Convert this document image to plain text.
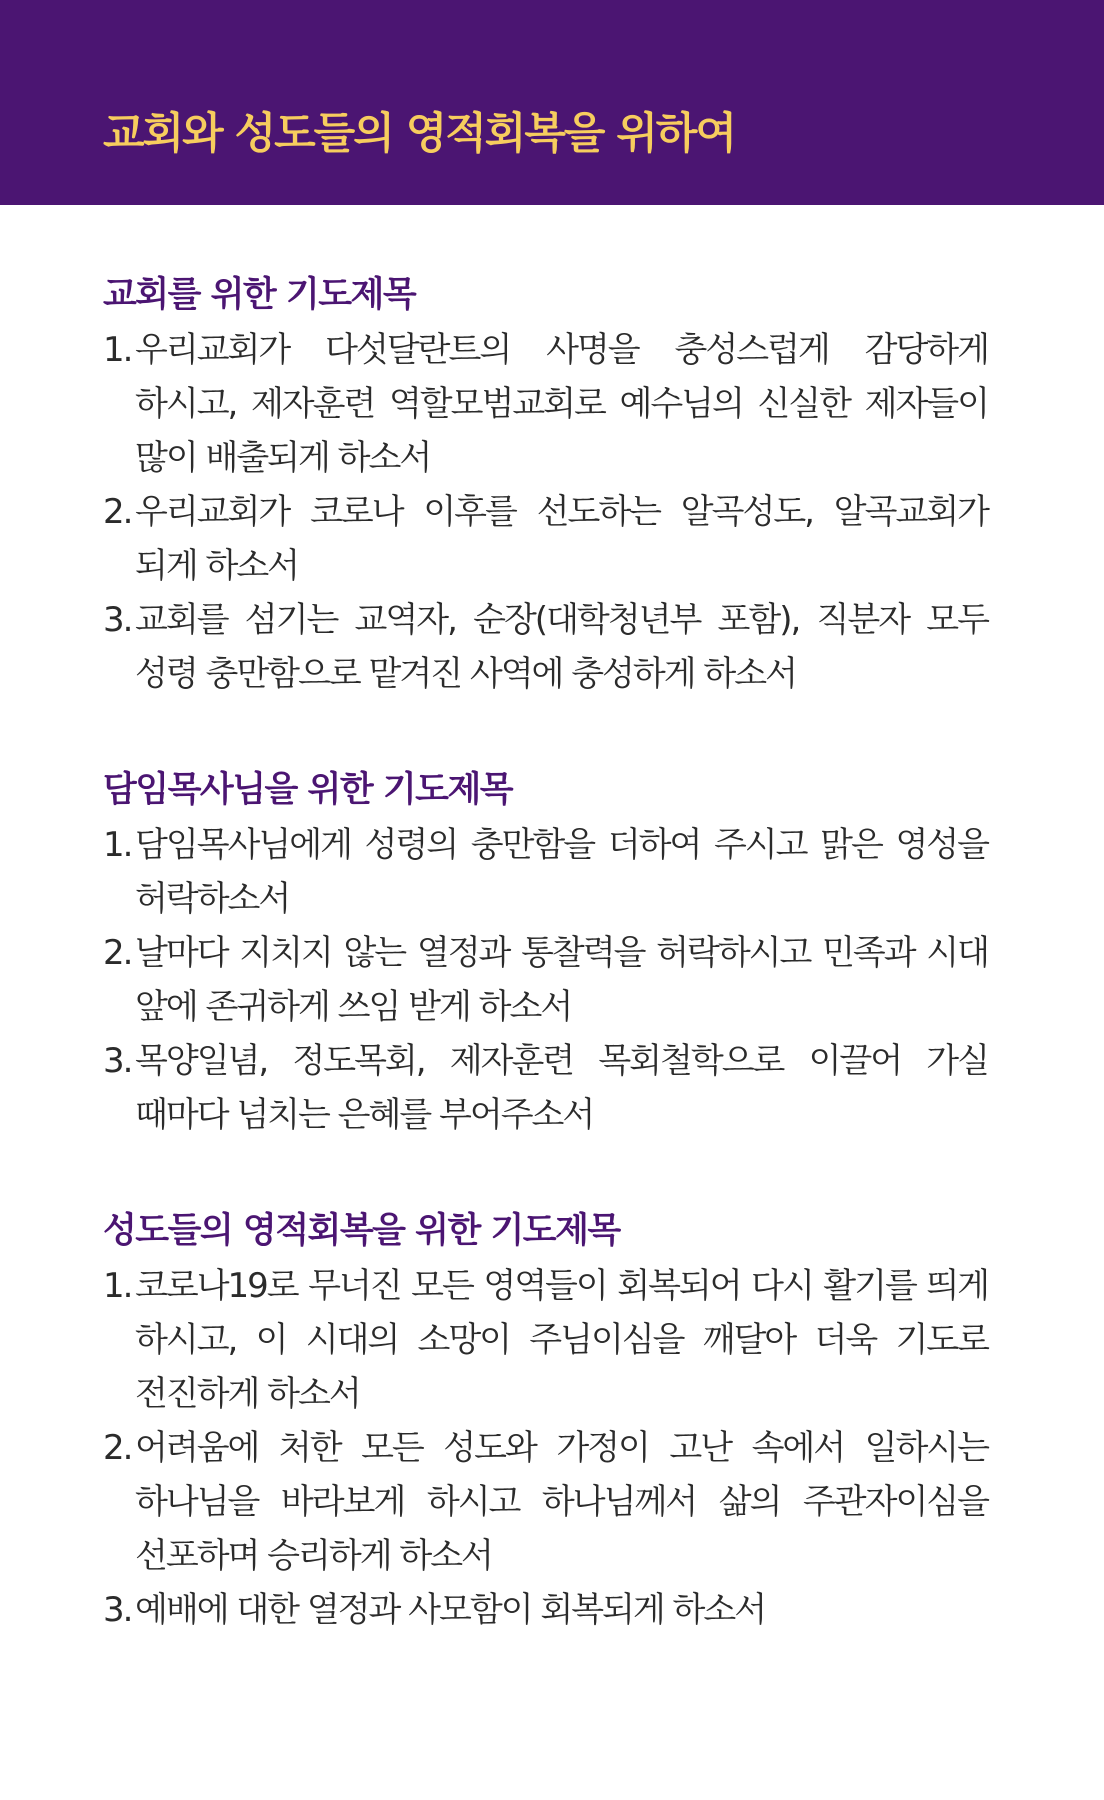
교회와 성도들의 영적회복을 위하여
교회를 위한 기도제목
1. 우리교회가 다섯달란트의 사명을 충성스럽게 감당하게 하시고, 제자훈련 역할모범교회로 예수님의 신실한 제자들이 많이 배출되게 하소서
2. 우리교회가 코로나 이후를 선도하는 알곡성도, 알곡교회가 되게 하소서
3. 교회를 섬기는 교역자, 순장(대학청년부 포함), 직분자 모두 성령 충만함으로 맡겨진 사역에 충성하게 하소서
담임목사님을 위한 기도제목
1. 담임목사님에게 성령의 충만함을 더하여 주시고 맑은 영성을 허락하소서
2. 날마다 지치지 않는 열정과 통찰력을 허락하시고 민족과 시대 앞에 존귀하게 쓰임 받게 하소서
3. 목양일념, 정도목회, 제자훈련 목회철학으로 이끌어 가실 때마다 넘치는 은혜를 부어주소서
성도들의 영적회복을 위한 기도제목
1. 코로나19로 무너진 모든 영역들이 회복되어 다시 활기를 띄게 하시고, 이 시대의 소망이 주님이심을 깨달아 더욱 기도로 전진하게 하소서
2. 어려움에 처한 모든 성도와 가정이 고난 속에서 일하시는 하나님을 바라보게 하시고 하나님께서 삶의 주관자이심을 선포하며 승리하게 하소서
3. 예배에 대한 열정과 사모함이 회복되게 하소서
